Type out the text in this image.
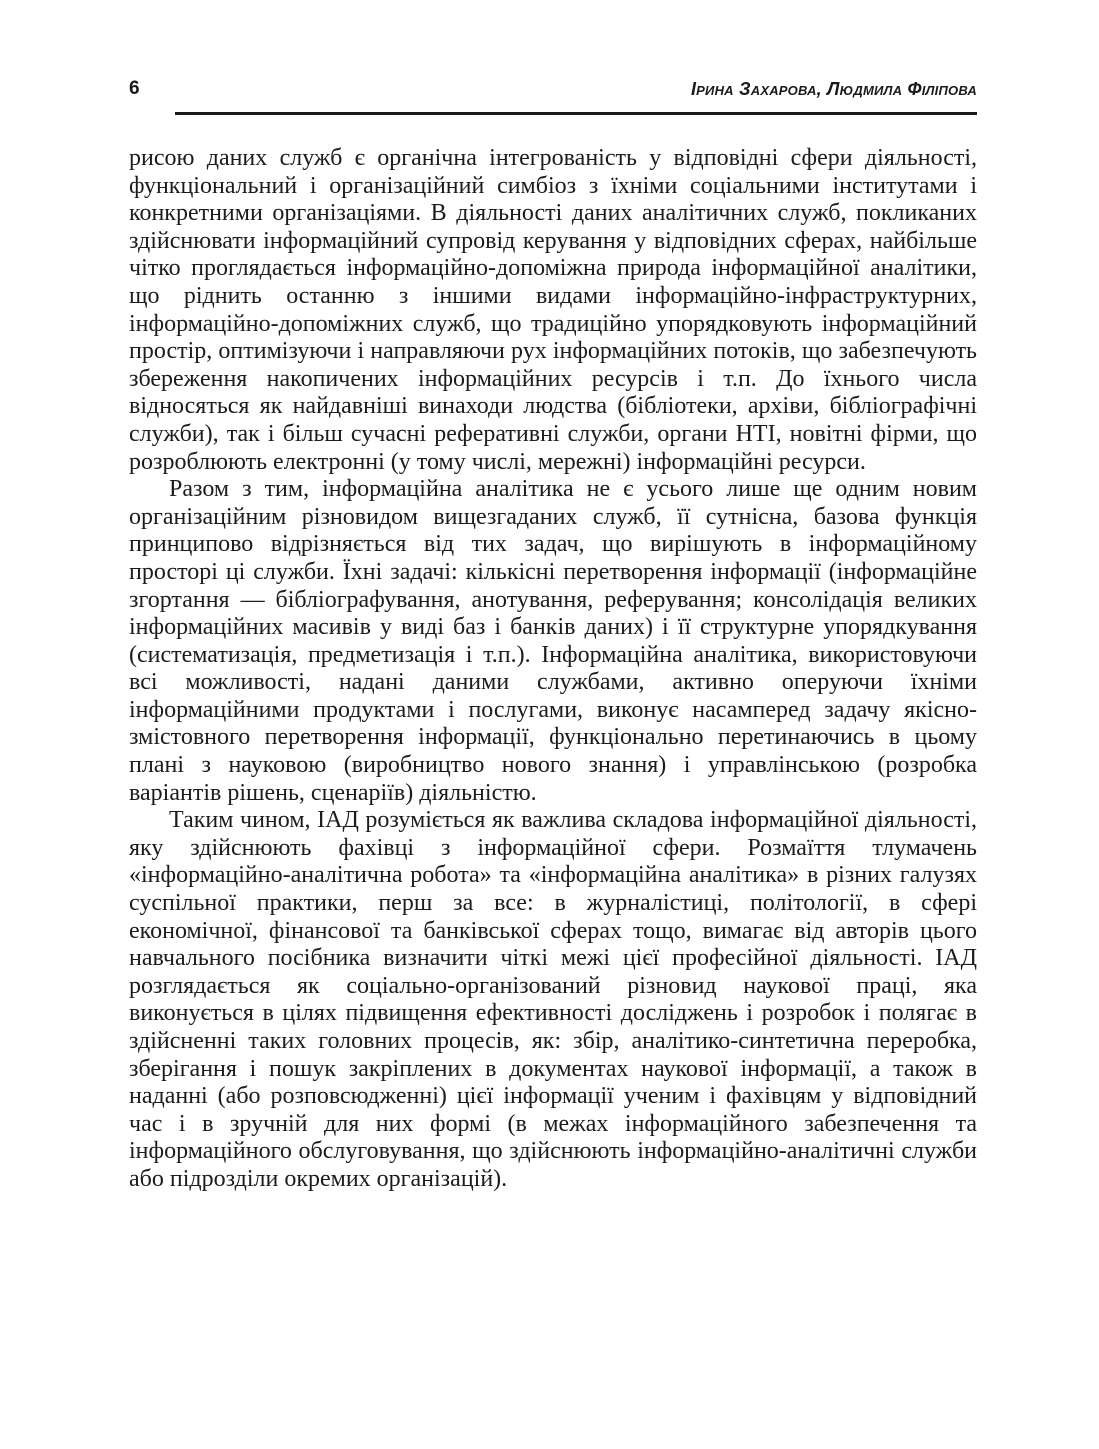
6	Ірина Захарова, Людмила Філіпова

рисою даних служб є органічна інтегрованість у відповідні сфери діяльності, функціональний і організаційний симбіоз з їхніми соціальними інститутами і конкретними організаціями. В діяльності даних аналітичних служб, покликаних здійснювати інформаційний супровід керування у відповідних сферах, найбільше чітко проглядається інформаційно-допоміжна природа інформаційної аналітики, що ріднить останню з іншими видами інформаційно-інфраструктурних, інформаційно-допоміжних служб, що традиційно упорядковують інформаційний простір, оптимізуючи і направляючи рух інформаційних потоків, що забезпечують збереження накопичених інформаційних ресурсів і т.п. До їхнього числа відносяться як найдавніші винаходи людства (бібліотеки, архіви, бібліографічні служби), так і більш сучасні реферативні служби, органи НТІ, новітні фірми, що розроблюють електронні (у тому числі, мережні) інформаційні ресурси.

Разом з тим, інформаційна аналітика не є усього лише ще одним новим організаційним різновидом вищезгаданих служб, її сутнісна, базова функція принципово відрізняється від тих задач, що вирішують в інформаційному просторі ці служби. Їхні задачі: кількісні перетворення інформації (інформаційне згортання — бібліографування, анотування, реферування; консолідація великих інформаційних масивів у виді баз і банків даних) і її структурне упорядкування (систематизація, предметизація і т.п.). Інформаційна аналітика, використовуючи всі можливості, надані даними службами, активно оперуючи їхніми інформаційними продуктами і послугами, виконує насамперед задачу якісно-змістовного перетворення інформації, функціонально перетинаючись в цьому плані з науковою (виробництво нового знання) і управлінською (розробка варіантів рішень, сценаріїв) діяльністю.

Таким чином, ІАД розуміється як важлива складова інформаційної діяльності, яку здійснюють фахівці з інформаційної сфери. Розмаїття тлумачень «інформаційно-аналітична робота» та «інформаційна аналітика» в різних галузях суспільної практики, перш за все: в журналістиці, політології, в сфері економічної, фінансової та банківської сферах тощо, вимагає від авторів цього навчального посібника визначити чіткі межі цієї професійної діяльності. ІАД розглядається як соціально-організований різновид наукової праці, яка виконується в цілях підвищення ефективності досліджень і розробок і полягає в здійсненні таких головних процесів, як: збір, аналітико-синтетична переробка, зберігання і пошук закріплених в документах наукової інформації, а також в наданні (або розповсюдженні) цієї інформації ученим і фахівцям у відповідний час і в зручній для них формі (в межах інформаційного забезпечення та інформаційного обслуговування, що здійснюють інформаційно-аналітичні служби або підрозділи окремих організацій).
